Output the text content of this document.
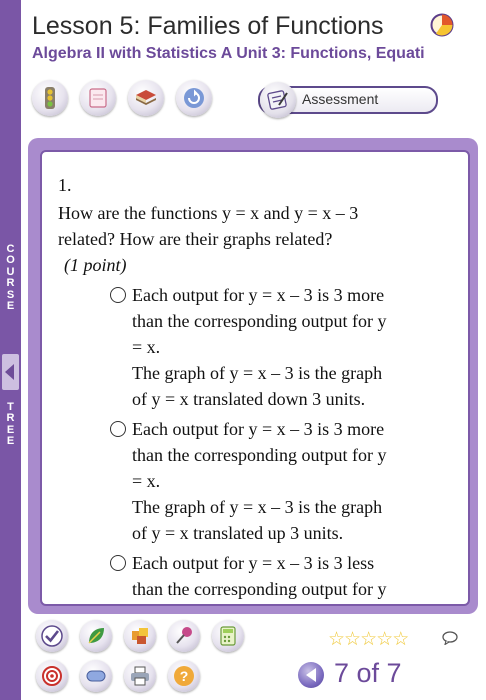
C
O
U
R
S
E
T
R
E
E
Lesson 5: Families of Functions
Algebra II with Statistics A Unit 3: Functions, Equati
Assessment
1.
How are the functions y = x and y = x – 3
related? How are their graphs related?
(1 point)
Each output for y = x – 3 is 3 more
than the corresponding output for y
= x.
The graph of y = x – 3 is the graph
of y = x translated down 3 units.
Each output for y = x – 3 is 3 more
than the corresponding output for y
= x.
The graph of y = x – 3 is the graph
of y = x translated up 3 units.
Each output for y = x – 3 is 3 less
than the corresponding output for y
☆☆☆☆☆
?	7 of 7
